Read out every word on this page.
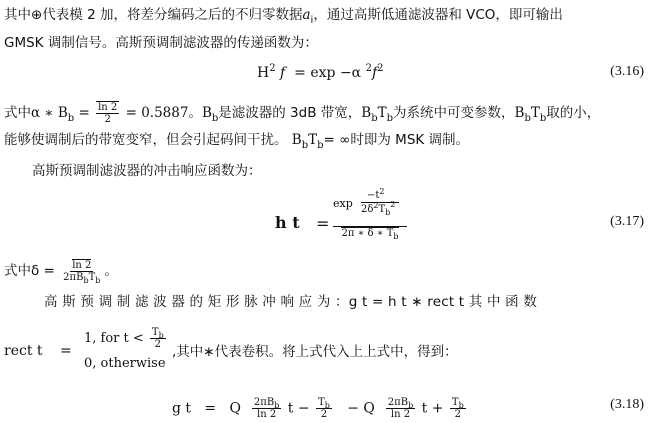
其中⊕代表模 2 加，将差分编码之后的不归零数据$a_i$，通过高斯低通滤波器和 VCO，即可输出
GMSK 调制信号。高斯预调制滤波器的传递函数为：
$H^2$ f = exp −α $^2f^2$	(3.16)
式中α ∗ $B_b = \frac{\ln 2}{2} = 0.5887$。$B_b$是滤波器的 3dB 带宽，$B_bT_b$为系统中可变参数，$B_bT_b$取的小，
能够使调制后的带宽变窄，但会引起码间干扰。 $B_bT_b=$ ∞时即为 MSK 调制。
高斯预调制滤波器的冲击响应函数为：
h t =
exp
$-t^2$
$2\delta^2T_b^2$
2π ∗ δ ∗ $T_b$
(3.17)
式中$\delta = \frac{\ln 2}{2\pi B_bT_b}$ 。
高 斯 预 调 制 滤 波 器 的 矩 形 脉 冲 响 应 为 ：g t = h t ∗ rect t 其 中 函 数
rect t =
1, for $t < \frac{T_b}{2}$
0, otherwise
,其中∗代表卷积。将上式代入上上式中，得到：
g t = Q $\frac{2\pi B_b}{\ln 2}$ $t - \frac{T_b}{2} - Q \frac{2\pi B_b}{\ln 2}$ $t + \frac{T_b}{2}$	(3.18)
